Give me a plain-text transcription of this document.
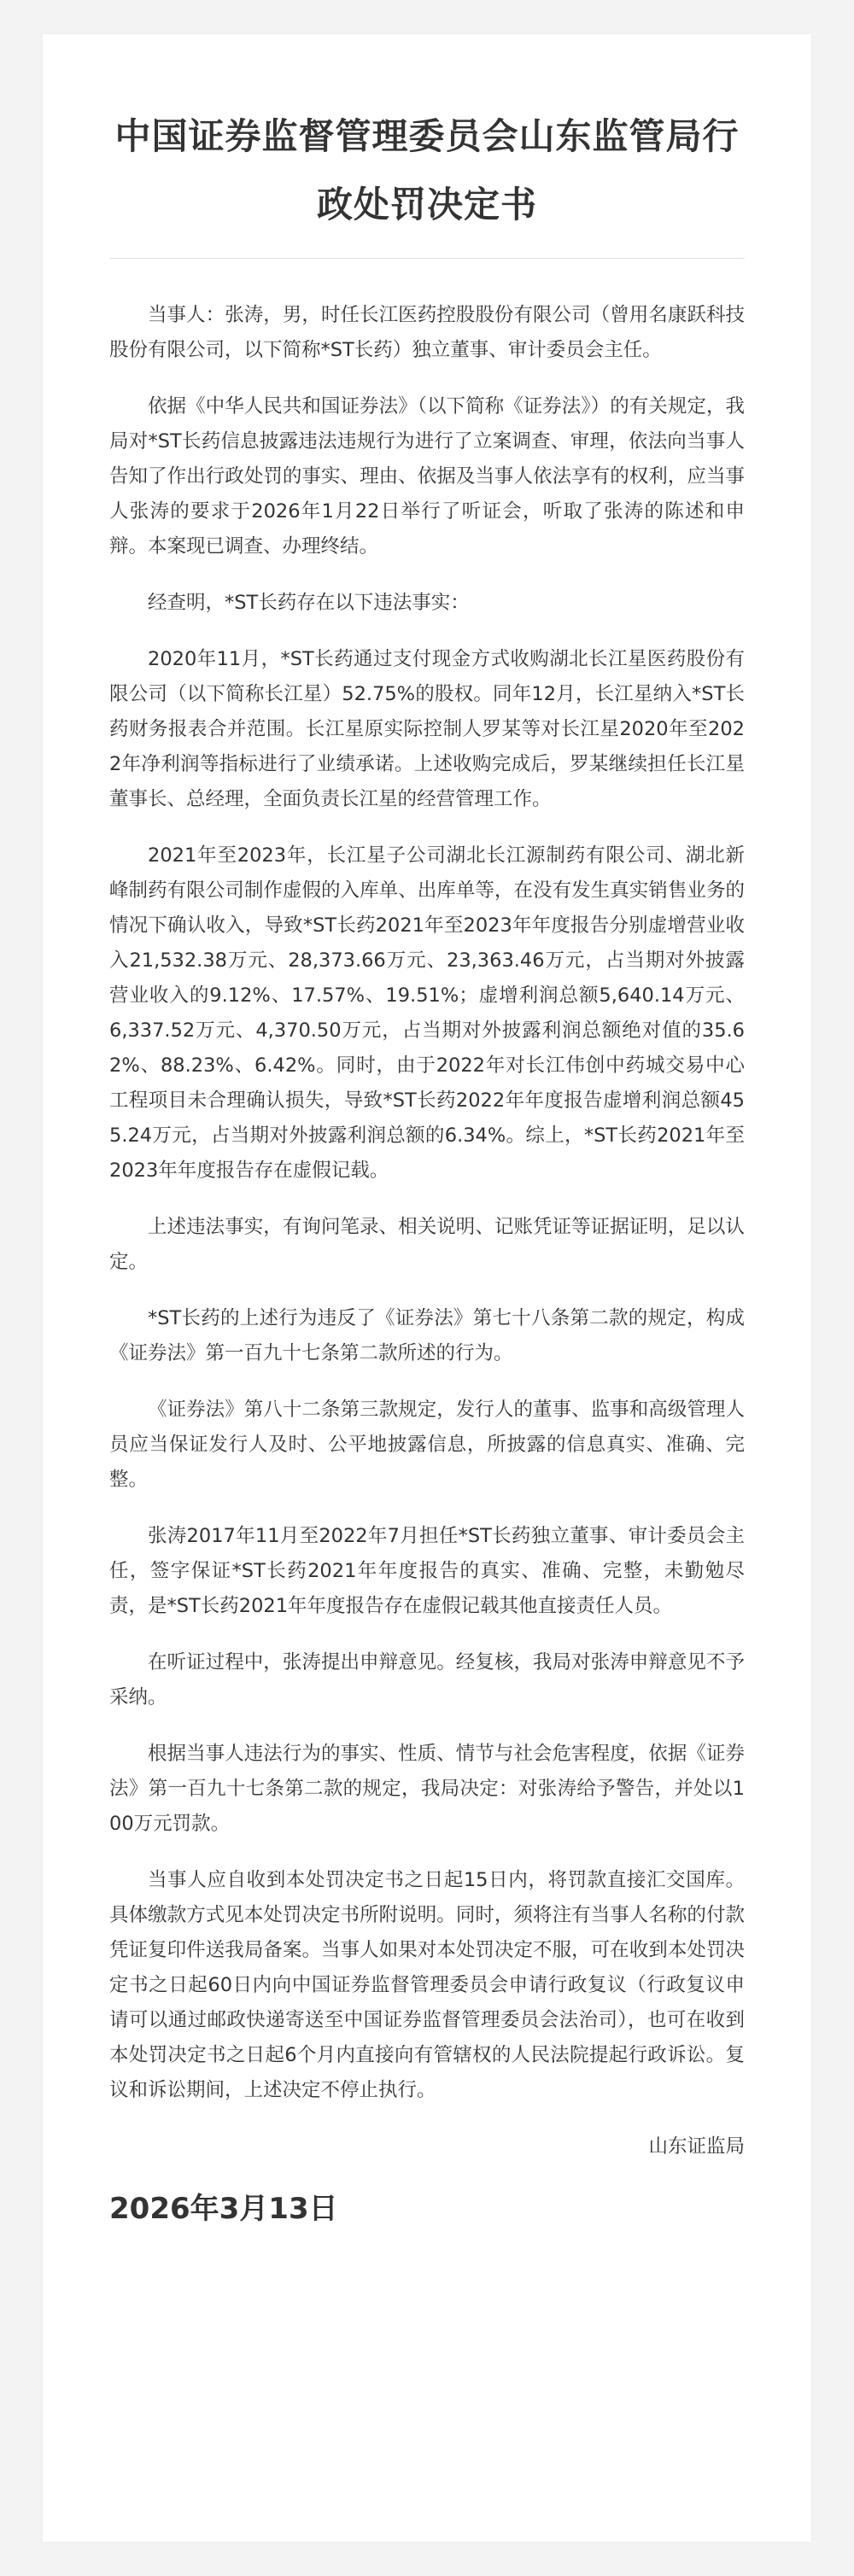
中国证券监督管理委员会山东监管局行政处罚决定书

当事人：张涛，男，时任长江医药控股股份有限公司（曾用名康跃科技股份有限公司，以下简称*ST长药）独立董事、审计委员会主任。

依据《中华人民共和国证券法》（以下简称《证券法》）的有关规定，我局对*ST长药信息披露违法违规行为进行了立案调查、审理，依法向当事人告知了作出行政处罚的事实、理由、依据及当事人依法享有的权利，应当事人张涛的要求于2026年1月22日举行了听证会，听取了张涛的陈述和申辩。本案现已调查、办理终结。

经查明，*ST长药存在以下违法事实：

2020年11月，*ST长药通过支付现金方式收购湖北长江星医药股份有限公司（以下简称长江星）52.75%的股权。同年12月，长江星纳入*ST长药财务报表合并范围。长江星原实际控制人罗某等对长江星2020年至2022年净利润等指标进行了业绩承诺。上述收购完成后，罗某继续担任长江星董事长、总经理，全面负责长江星的经营管理工作。

2021年至2023年，长江星子公司湖北长江源制药有限公司、湖北新峰制药有限公司制作虚假的入库单、出库单等，在没有发生真实销售业务的情况下确认收入，导致*ST长药2021年至2023年年度报告分别虚增营业收入21,532.38万元、28,373.66万元、23,363.46万元，占当期对外披露营业收入的9.12%、17.57%、19.51%；虚增利润总额5,640.14万元、6,337.52万元、4,370.50万元，占当期对外披露利润总额绝对值的35.62%、88.23%、6.42%。同时，由于2022年对长江伟创中药城交易中心工程项目未合理确认损失，导致*ST长药2022年年度报告虚增利润总额455.24万元，占当期对外披露利润总额的6.34%。综上，*ST长药2021年至2023年年度报告存在虚假记载。

上述违法事实，有询问笔录、相关说明、记账凭证等证据证明，足以认定。

*ST长药的上述行为违反了《证券法》第七十八条第二款的规定，构成《证券法》第一百九十七条第二款所述的行为。

《证券法》第八十二条第三款规定，发行人的董事、监事和高级管理人员应当保证发行人及时、公平地披露信息，所披露的信息真实、准确、完整。

张涛2017年11月至2022年7月担任*ST长药独立董事、审计委员会主任，签字保证*ST长药2021年年度报告的真实、准确、完整，未勤勉尽责，是*ST长药2021年年度报告存在虚假记载其他直接责任人员。

在听证过程中，张涛提出申辩意见。经复核，我局对张涛申辩意见不予采纳。

根据当事人违法行为的事实、性质、情节与社会危害程度，依据《证券法》第一百九十七条第二款的规定，我局决定：对张涛给予警告，并处以100万元罚款。

当事人应自收到本处罚决定书之日起15日内，将罚款直接汇交国库。具体缴款方式见本处罚决定书所附说明。同时，须将注有当事人名称的付款凭证复印件送我局备案。当事人如果对本处罚决定不服，可在收到本处罚决定书之日起60日内向中国证券监督管理委员会申请行政复议（行政复议申请可以通过邮政快递寄送至中国证券监督管理委员会法治司），也可在收到本处罚决定书之日起6个月内直接向有管辖权的人民法院提起行政诉讼。复议和诉讼期间，上述决定不停止执行。

山东证监局
2026年3月13日
